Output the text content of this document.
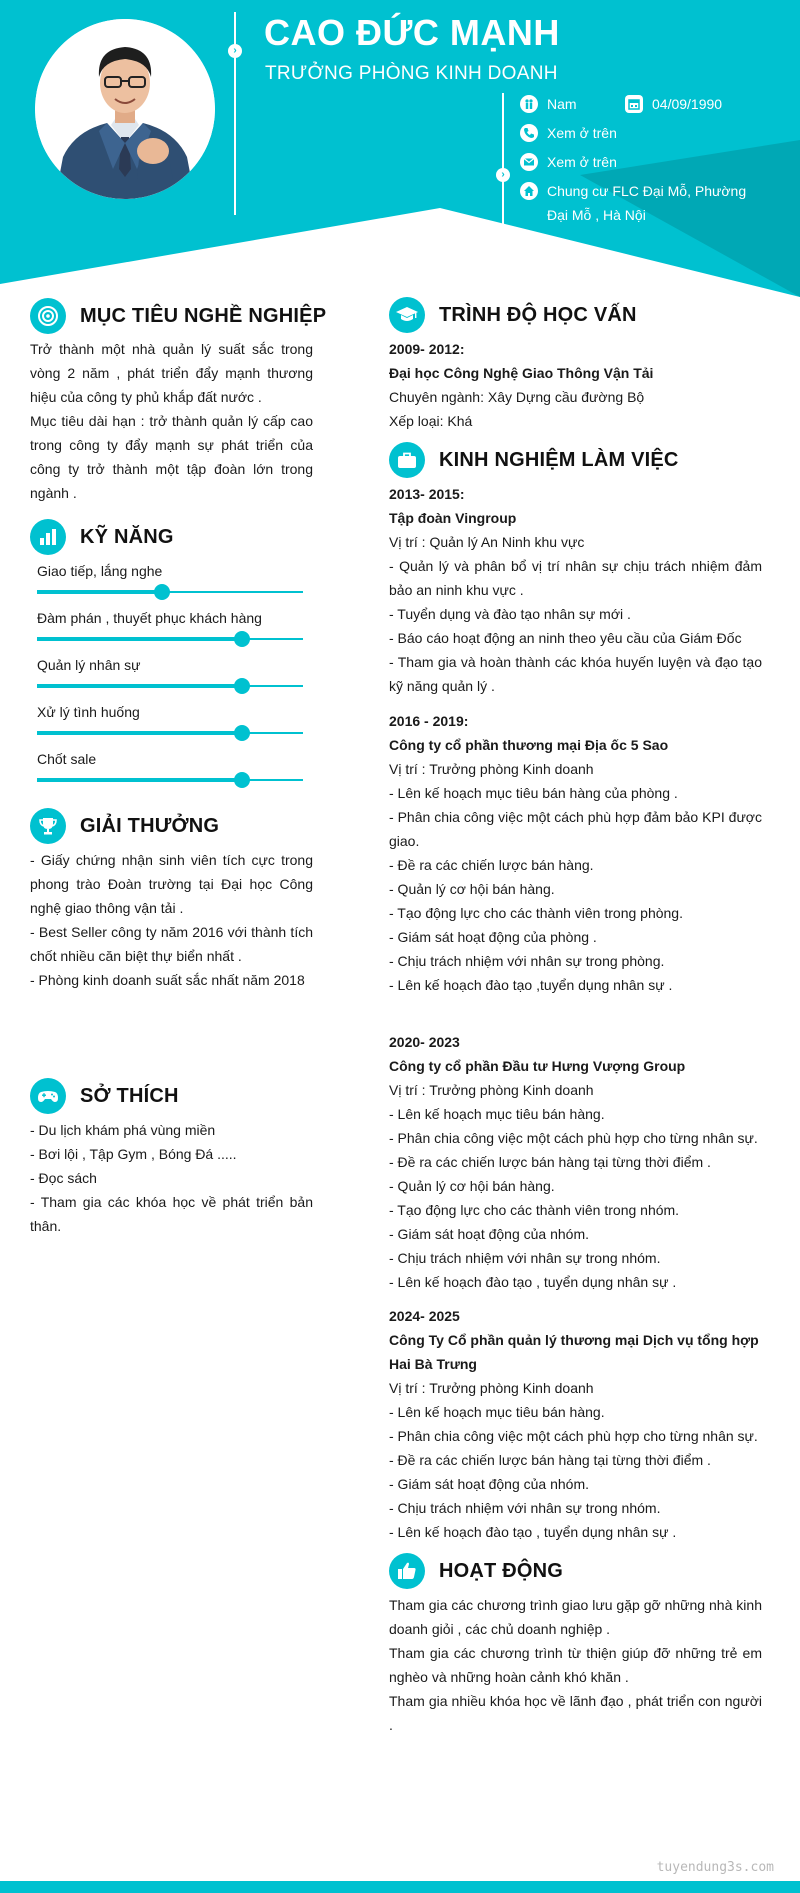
›
›
CAO ĐỨC MẠNH
TRƯỞNG PHÒNG KINH DOANH
Nam	04/09/1990
Xem ở trên
Xem ở trên
Chung cư FLC Đại Mỗ, Phường Đại Mỗ , Hà Nội
MỤC TIÊU NGHỀ NGHIỆP

Trở thành một nhà quản lý suất sắc trong vòng 2 năm , phát triển đẩy mạnh thương hiệu của công ty phủ khắp đất nước .

Mục tiêu dài hạn : trở thành quản lý cấp cao trong công ty đẩy mạnh sự phát triển của công ty trở thành một tập đoàn lớn trong ngành .

KỸ NĂNG
Giao tiếp, lắng nghe
Đàm phán , thuyết phục khách hàng
Quản lý nhân sự
Xử lý tình huống
Chốt sale
GIẢI THƯỞNG

- Giấy chứng nhận sinh viên tích cực trong phong trào Đoàn trường tại Đại học Công nghệ giao thông vận tải .

- Best Seller công ty năm 2016 với thành tích chốt nhiều căn biệt thự biển nhất .

- Phòng kinh doanh suất sắc nhất năm 2018

SỞ THÍCH

- Du lịch khám phá vùng miền

- Bơi lội , Tập Gym , Bóng Đá .....

- Đọc sách

- Tham gia các khóa học về phát triển bản thân.

TRÌNH ĐỘ HỌC VẤN
2009- 2012:
Đại học Công Nghệ Giao Thông Vận Tải
Chuyên ngành: Xây Dựng cầu đường Bộ
Xếp loại: Khá
KINH NGHIỆM LÀM VIỆC
2013- 2015:
Tập đoàn Vingroup
Vị trí : Quản lý An Ninh khu vực
- Quản lý và phân bổ vị trí nhân sự chịu trách nhiệm đảm bảo an ninh khu vực .
- Tuyển dụng và đào tạo nhân sự mới .
- Báo cáo hoạt động an ninh theo yêu cầu của Giám Đốc
- Tham gia và hoàn thành các khóa huyến luyện và đạo tạo kỹ năng quản lý .
2016 - 2019:
Công ty cổ phần thương mại Địa ốc 5 Sao
Vị trí : Trưởng phòng Kinh doanh
- Lên kế hoạch mục tiêu bán hàng của phòng .
- Phân chia công việc một cách phù hợp đảm bảo KPI được giao.
- Đề ra các chiến lược bán hàng.
- Quản lý cơ hội bán hàng.
- Tạo động lực cho các thành viên trong phòng.
- Giám sát hoạt động của phòng .
- Chịu trách nhiệm với nhân sự trong phòng.
- Lên kế hoạch đào tạo ,tuyển dụng nhân sự .
2020- 2023
Công ty cổ phần Đầu tư Hưng Vượng Group
Vị trí : Trưởng phòng Kinh doanh
- Lên kế hoạch mục tiêu bán hàng.
- Phân chia công việc một cách phù hợp cho từng nhân sự.
- Đề ra các chiến lược bán hàng tại từng thời điểm .
- Quản lý cơ hội bán hàng.
- Tạo động lực cho các thành viên trong nhóm.
- Giám sát hoạt động của nhóm.
- Chịu trách nhiệm với nhân sự trong nhóm.
- Lên kế hoạch đào tạo , tuyển dụng nhân sự .
2024- 2025
Công Ty Cổ phần quản lý thương mại Dịch vụ tổng hợp Hai Bà Trưng
Vị trí : Trưởng phòng Kinh doanh
- Lên kế hoạch mục tiêu bán hàng.
- Phân chia công việc một cách phù hợp cho từng nhân sự.
- Đề ra các chiến lược bán hàng tại từng thời điểm .
- Giám sát hoạt động của nhóm.
- Chịu trách nhiệm với nhân sự trong nhóm.
- Lên kế hoạch đào tạo , tuyển dụng nhân sự .
HOẠT ĐỘNG
Tham gia các chương trình giao lưu gặp gỡ những nhà kinh doanh giỏi , các chủ doanh nghiệp .
Tham gia các chương trình từ thiện giúp đỡ những trẻ em nghèo và những hoàn cảnh khó khăn .
Tham gia nhiều khóa học về lãnh đạo , phát triển con người .
tuyendung3s.com
